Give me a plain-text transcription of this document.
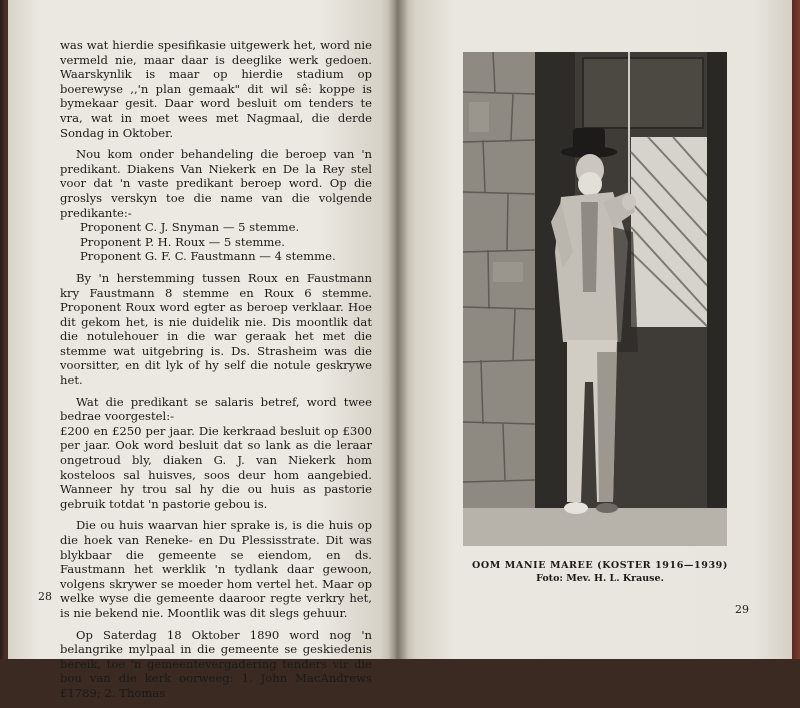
was wat hierdie spesifikasie uitgewerk het, word nie vermeld nie, maar daar is deeglike werk gedoen. Waarskynlik is maar op hierdie stadium op boerewyse ,,'n plan gemaak" dit wil sê: koppe is bymekaar gesit. Daar word besluit om tenders te vra, wat in moet wees met Nagmaal, die derde Sondag in Oktober.

Nou kom onder behandeling die beroep van 'n predikant. Diakens Van Niekerk en De la Rey stel voor dat 'n vaste predikant beroep word. Op die groslys verskyn toe die name van die volgende predikante:-

Proponent C. J. Snyman — 5 stemme.
Proponent P. H. Roux — 5 stemme.
Proponent G. F. C. Faustmann — 4 stemme.

By 'n herstemming tussen Roux en Faustmann kry Faustmann 8 stemme en Roux 6 stemme. Proponent Roux word egter as beroep verklaar. Hoe dit gekom het, is nie duidelik nie. Dis moontlik dat die notulehouer in die war geraak het met die stemme wat uitgebring is. Ds. Strasheim was die voorsitter, en dit lyk of hy self die notule geskrywe het.

Wat die predikant se salaris betref, word twee bedrae voorgestel:-

£200 en £250 per jaar. Die kerkraad besluit op £300 per jaar. Ook word besluit dat so lank as die leraar ongetroud bly, diaken G. J. van Niekerk hom kosteloos sal huisves, soos deur hom aangebied. Wanneer hy trou sal hy die ou huis as pastorie gebruik totdat 'n pastorie gebou is.

Die ou huis waarvan hier sprake is, is die huis op die hoek van Reneke- en Du Plessisstrate. Dit was blykbaar die gemeente se eiendom, en ds. Faustmann het werklik 'n tydlank daar gewoon, volgens skrywer se moeder hom vertel het. Maar op welke wyse die gemeente daaroor regte verkry het, is nie bekend nie. Moontlik was dit slegs gehuur.

Op Saterdag 18 Oktober 1890 word nog 'n belangrike mylpaal in die gemeente se geskiedenis bereik, toe 'n gemeentevergadering tenders vir die bou van die kerk oorweeg: 1. John MacAndrews £1789; 2. Thomas

28
OOM MANIE MAREE (KOSTER 1916—1939)
Foto: Mev. H. L. Krause.
29
